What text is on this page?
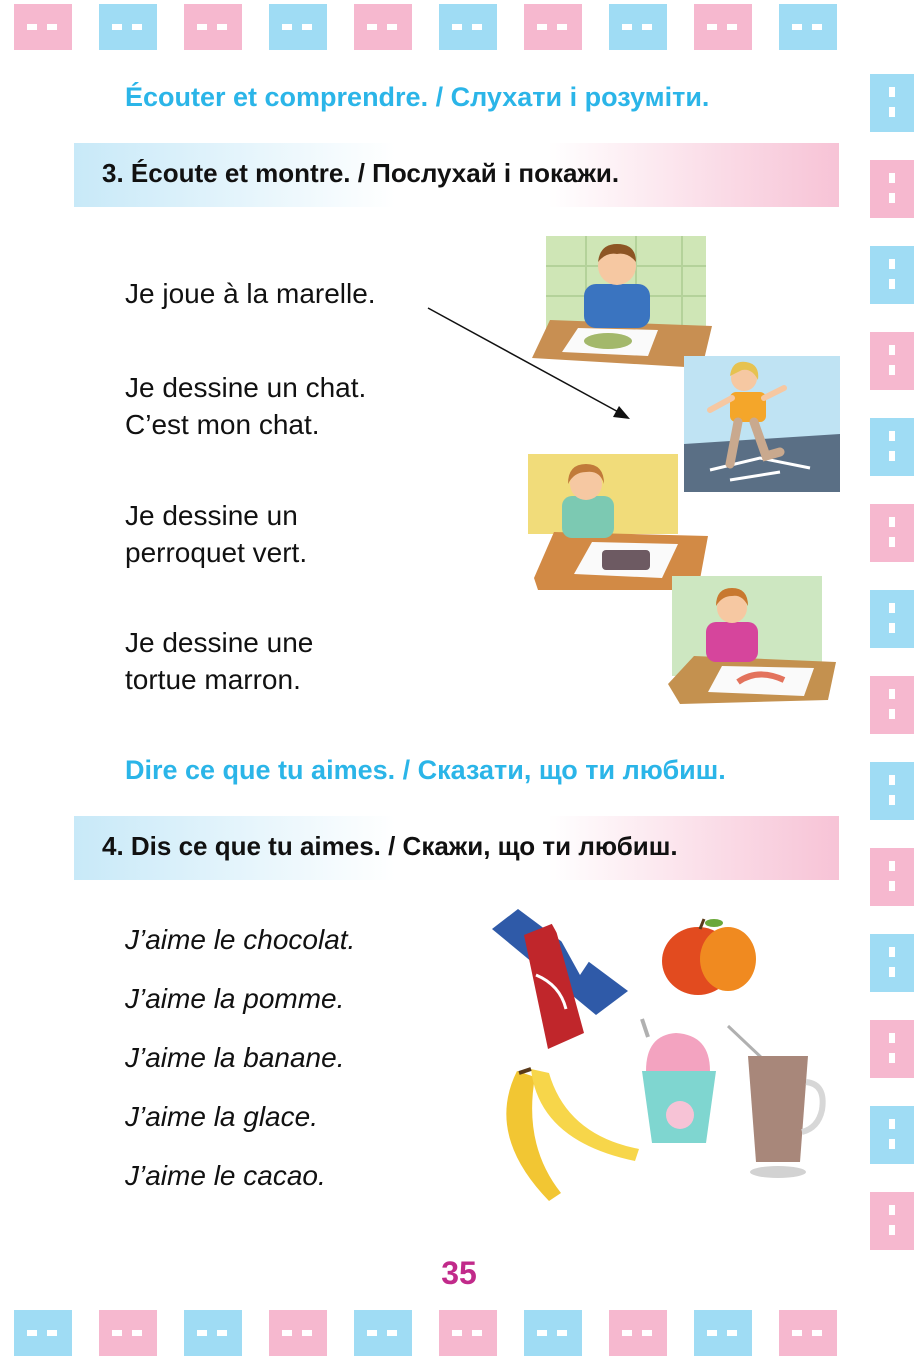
Écouter et comprendre. / Слухати і розуміти.
3. Écoute et montre. / Послухай і покажи.
Je joue à la marelle.
Je dessine un chat.
C’est mon chat.
Je dessine un
perroquet vert.
Je dessine une
tortue marron.
Dire ce que tu aimes. / Сказати, що ти любиш.
4. Dis ce que tu aimes. / Скажи, що ти любиш.
J’aime le chocolat.
J’aime la pomme.
J’aime la banane.
J’aime la glace.
J’aime le cacao.
35
